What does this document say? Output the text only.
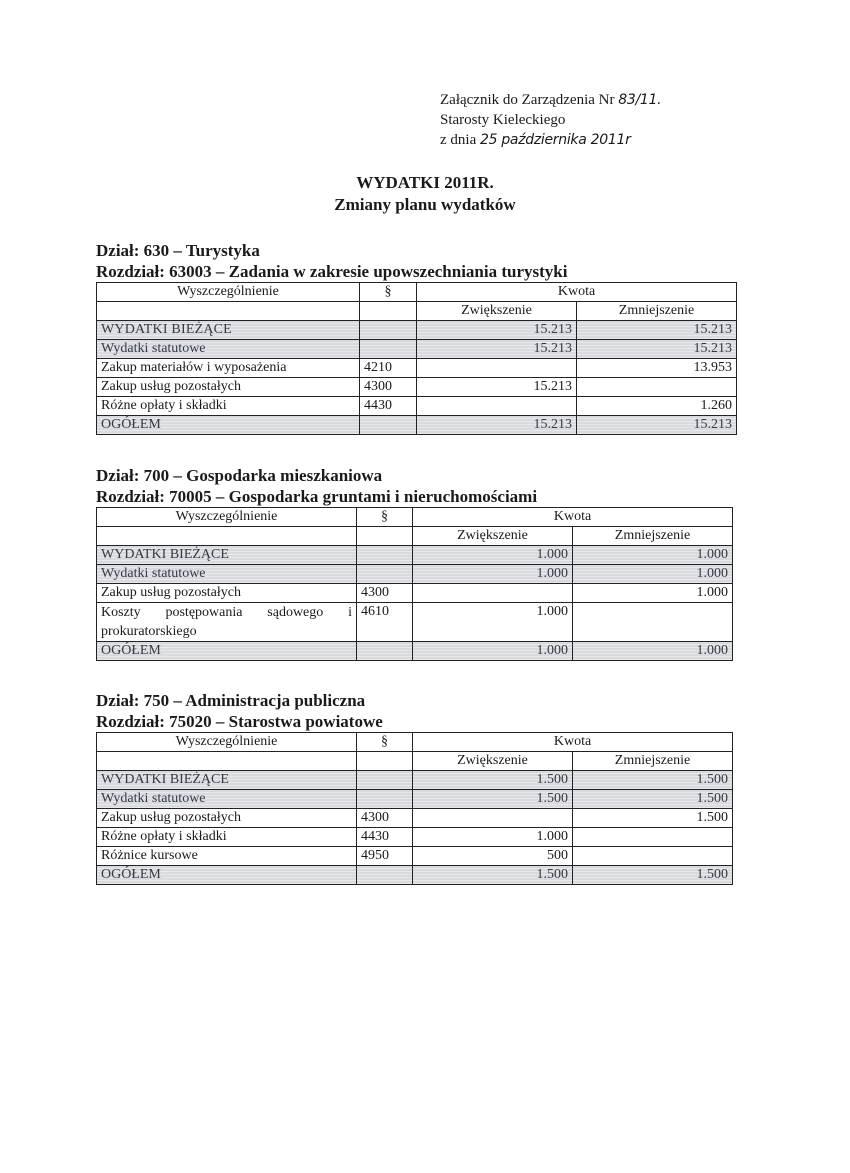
Załącznik do Zarządzenia Nr 83/11.
Starosty Kieleckiego
z dnia 25 października 2011r
WYDATKI 2011R.
Zmiany planu wydatków
Dział: 630 – Turystyka
Rozdział: 63003 – Zadania w zakresie upowszechniania turystyki
Wyszczególnienie	§	Kwota	
		Zwiększenie	Zmniejszenie
WYDATKI BIEŻĄCE		15.213	15.213
Wydatki statutowe		15.213	15.213
Zakup materiałów i wyposażenia	4210		13.953
Zakup usług pozostałych	4300	15.213	
Różne opłaty i składki	4430		1.260
OGÓŁEM		15.213	15.213
Dział: 700 – Gospodarka mieszkaniowa
Rozdział: 70005 – Gospodarka gruntami i nieruchomościami
Wyszczególnienie	§	Kwota	
		Zwiększenie	Zmniejszenie
WYDATKI BIEŻĄCE		1.000	1.000
Wydatki statutowe		1.000	1.000
Zakup usług pozostałych	4300		1.000
Koszty postępowania sądowego i prokuratorskiego	4610	1.000	
OGÓŁEM		1.000	1.000
Dział: 750 – Administracja publiczna
Rozdział: 75020 – Starostwa powiatowe
Wyszczególnienie	§	Kwota	
		Zwiększenie	Zmniejszenie
WYDATKI BIEŻĄCE		1.500	1.500
Wydatki statutowe		1.500	1.500
Zakup usług pozostałych	4300		1.500
Różne opłaty i składki	4430	1.000	
Różnice kursowe	4950	500	
OGÓŁEM		1.500	1.500
